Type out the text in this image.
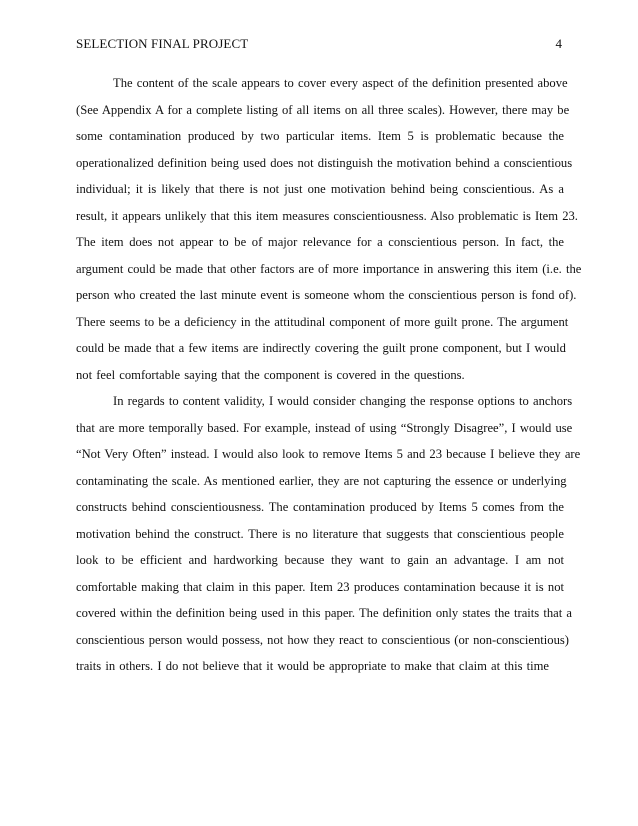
SELECTION FINAL PROJECT	4
The content of the scale appears to cover every aspect of the definition presented above
(See Appendix A for a complete listing of all items on all three scales). However, there may be
some contamination produced by two particular items. Item 5 is problematic because the
operationalized definition being used does not distinguish the motivation behind a conscientious
individual; it is likely that there is not just one motivation behind being conscientious. As a
result, it appears unlikely that this item measures conscientiousness. Also problematic is Item 23.
The item does not appear to be of major relevance for a conscientious person. In fact, the
argument could be made that other factors are of more importance in answering this item (i.e. the
person who created the last minute event is someone whom the conscientious person is fond of).
There seems to be a deficiency in the attitudinal component of more guilt prone. The argument
could be made that a few items are indirectly covering the guilt prone component, but I would
not feel comfortable saying that the component is covered in the questions.
In regards to content validity, I would consider changing the response options to anchors
that are more temporally based. For example, instead of using “Strongly Disagree”, I would use
“Not Very Often” instead. I would also look to remove Items 5 and 23 because I believe they are
contaminating the scale. As mentioned earlier, they are not capturing the essence or underlying
constructs behind conscientiousness. The contamination produced by Items 5 comes from the
motivation behind the construct. There is no literature that suggests that conscientious people
look to be efficient and hardworking because they want to gain an advantage. I am not
comfortable making that claim in this paper. Item 23 produces contamination because it is not
covered within the definition being used in this paper. The definition only states the traits that a
conscientious person would possess, not how they react to conscientious (or non-conscientious)
traits in others. I do not believe that it would be appropriate to make that claim at this time
